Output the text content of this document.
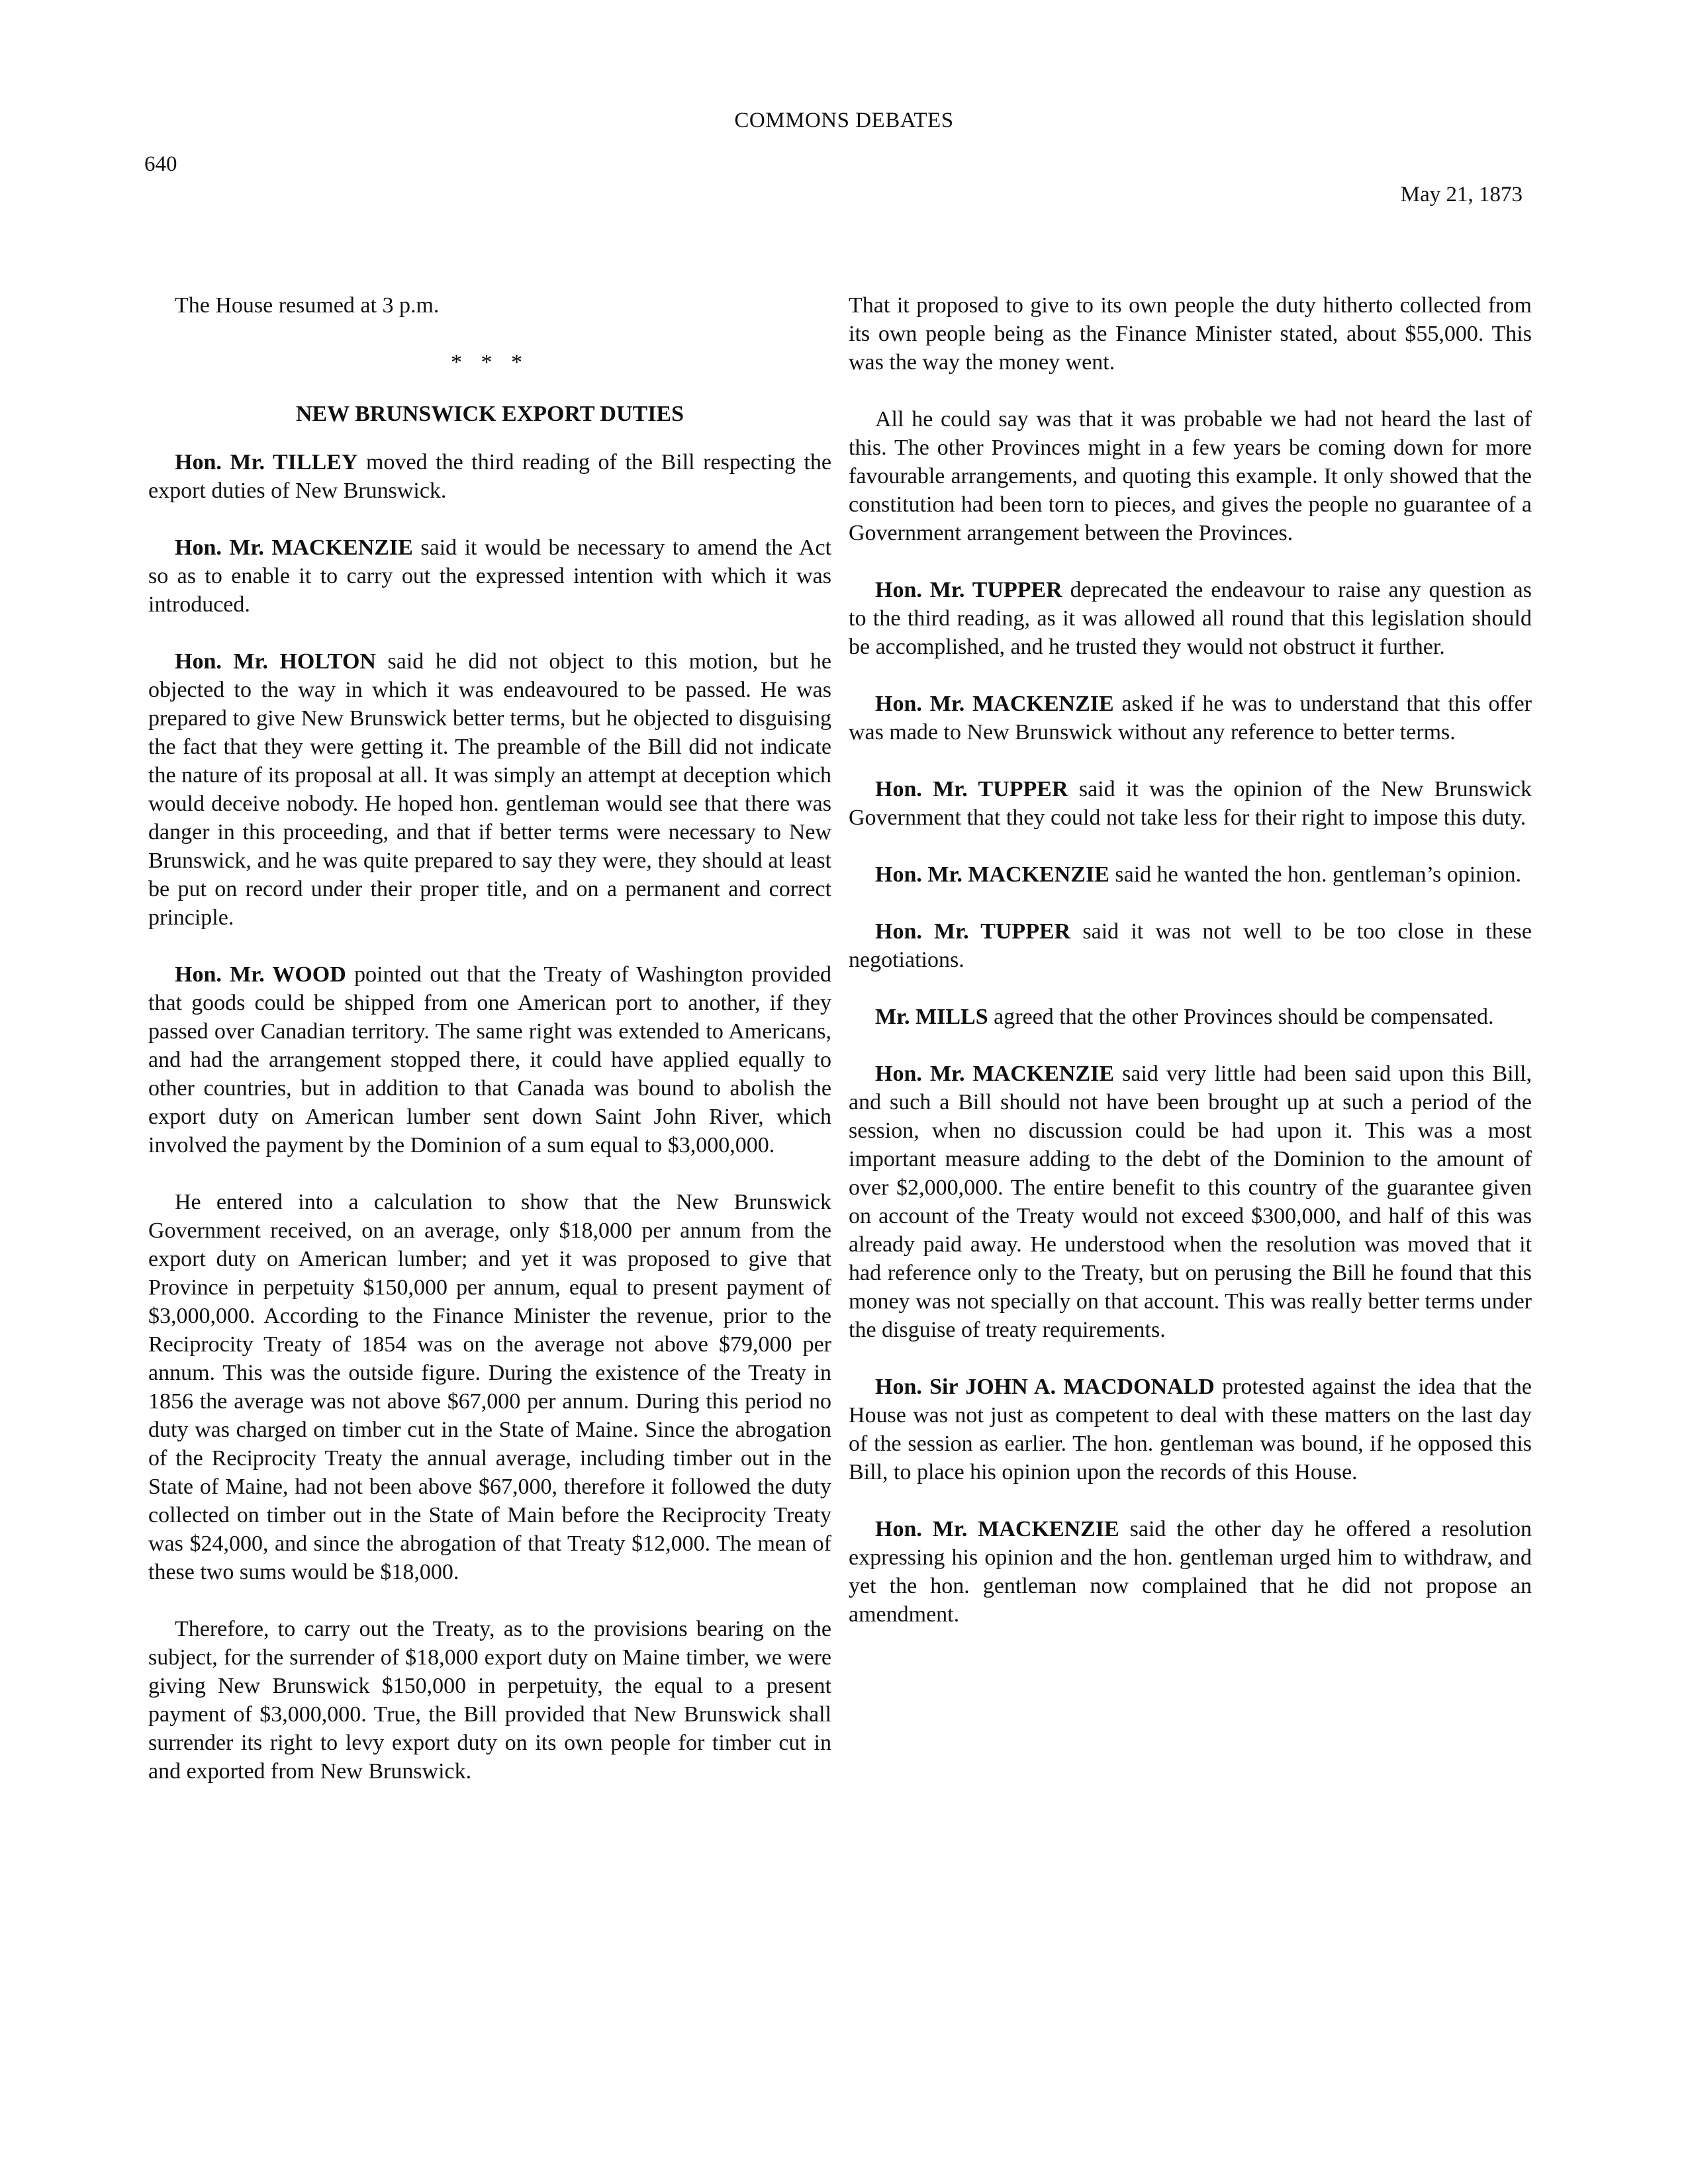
COMMONS DEBATES
640
May 21, 1873

The House resumed at 3 p.m.

* * *
NEW BRUNSWICK EXPORT DUTIES

Hon. Mr. TILLEY moved the third reading of the Bill respecting the export duties of New Brunswick.

Hon. Mr. MACKENZIE said it would be necessary to amend the Act so as to enable it to carry out the expressed intention with which it was introduced.

Hon. Mr. HOLTON said he did not object to this motion, but he objected to the way in which it was endeavoured to be passed. He was prepared to give New Brunswick better terms, but he objected to disguising the fact that they were getting it. The preamble of the Bill did not indicate the nature of its proposal at all. It was simply an attempt at deception which would deceive nobody. He hoped hon. gentleman would see that there was danger in this proceeding, and that if better terms were necessary to New Brunswick, and he was quite prepared to say they were, they should at least be put on record under their proper title, and on a permanent and correct principle.

Hon. Mr. WOOD pointed out that the Treaty of Washington provided that goods could be shipped from one American port to another, if they passed over Canadian territory. The same right was extended to Americans, and had the arrangement stopped there, it could have applied equally to other countries, but in addition to that Canada was bound to abolish the export duty on American lumber sent down Saint John River, which involved the payment by the Dominion of a sum equal to $3,000,000.

He entered into a calculation to show that the New Brunswick Government received, on an average, only $18,000 per annum from the export duty on American lumber; and yet it was proposed to give that Province in perpetuity $150,000 per annum, equal to present payment of $3,000,000. According to the Finance Minister the revenue, prior to the Reciprocity Treaty of 1854 was on the average not above $79,000 per annum. This was the outside figure. During the existence of the Treaty in 1856 the average was not above $67,000 per annum. During this period no duty was charged on timber cut in the State of Maine. Since the abrogation of the Reciprocity Treaty the annual average, including timber out in the State of Maine, had not been above $67,000, therefore it followed the duty collected on timber out in the State of Main before the Reciprocity Treaty was $24,000, and since the abrogation of that Treaty $12,000. The mean of these two sums would be $18,000.

Therefore, to carry out the Treaty, as to the provisions bearing on the subject, for the surrender of $18,000 export duty on Maine timber, we were giving New Brunswick $150,000 in perpetuity, the equal to a present payment of $3,000,000. True, the Bill provided that New Brunswick shall surrender its right to levy export duty on its own people for timber cut in and exported from New Brunswick.

That it proposed to give to its own people the duty hitherto collected from its own people being as the Finance Minister stated, about $55,000. This was the way the money went.

All he could say was that it was probable we had not heard the last of this. The other Provinces might in a few years be coming down for more favourable arrangements, and quoting this example. It only showed that the constitution had been torn to pieces, and gives the people no guarantee of a Government arrangement between the Provinces.

Hon. Mr. TUPPER deprecated the endeavour to raise any question as to the third reading, as it was allowed all round that this legislation should be accomplished, and he trusted they would not obstruct it further.

Hon. Mr. MACKENZIE asked if he was to understand that this offer was made to New Brunswick without any reference to better terms.

Hon. Mr. TUPPER said it was the opinion of the New Brunswick Government that they could not take less for their right to impose this duty.

Hon. Mr. MACKENZIE said he wanted the hon. gentleman’s opinion.

Hon. Mr. TUPPER said it was not well to be too close in these negotiations.

Mr. MILLS agreed that the other Provinces should be compensated.

Hon. Mr. MACKENZIE said very little had been said upon this Bill, and such a Bill should not have been brought up at such a period of the session, when no discussion could be had upon it. This was a most important measure adding to the debt of the Dominion to the amount of over $2,000,000. The entire benefit to this country of the guarantee given on account of the Treaty would not exceed $300,000, and half of this was already paid away. He understood when the resolution was moved that it had reference only to the Treaty, but on perusing the Bill he found that this money was not specially on that account. This was really better terms under the disguise of treaty requirements.

Hon. Sir JOHN A. MACDONALD protested against the idea that the House was not just as competent to deal with these matters on the last day of the session as earlier. The hon. gentleman was bound, if he opposed this Bill, to place his opinion upon the records of this House.

Hon. Mr. MACKENZIE said the other day he offered a resolution expressing his opinion and the hon. gentleman urged him to withdraw, and yet the hon. gentleman now complained that he did not propose an amendment.
